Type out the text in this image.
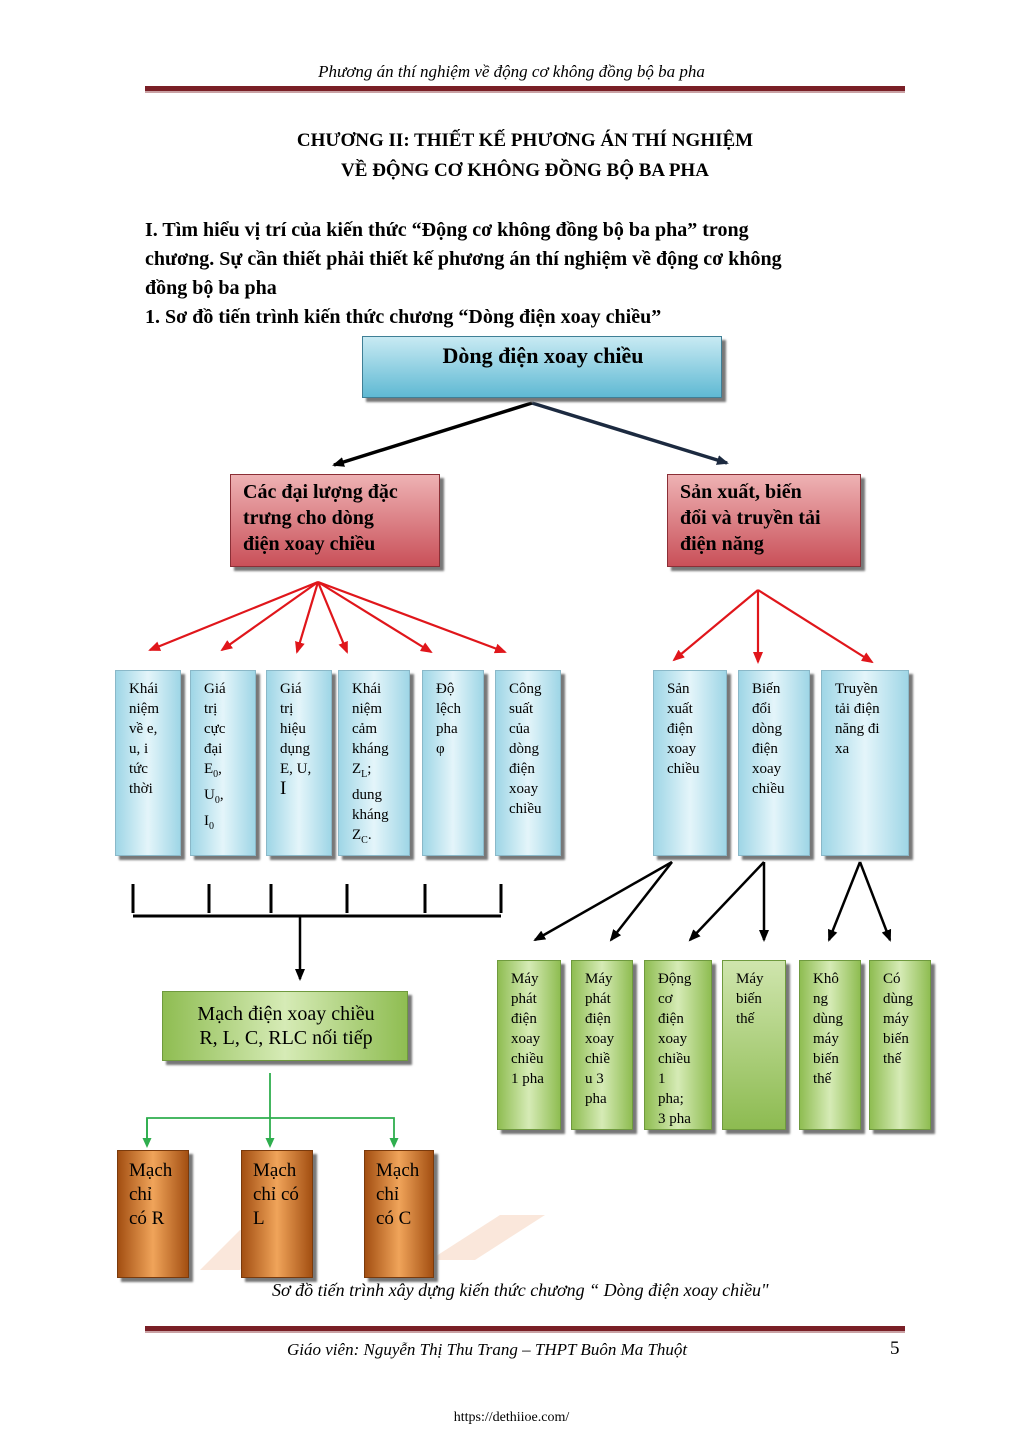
Phương án thí nghiệm về động cơ không đồng bộ ba pha
CHƯƠNG II: THIẾT KẾ PHƯƠNG ÁN THÍ NGHIỆM
VỀ ĐỘNG CƠ KHÔNG ĐỒNG BỘ BA PHA
I. Tìm hiểu vị trí của kiến thức “Động cơ không đồng bộ ba pha” trong
chương. Sự cần thiết phải thiết kế phương án thí nghiệm về động cơ không
đồng bộ ba pha
1. Sơ đồ tiến trình kiến thức chương “Dòng điện xoay chiều”
Dòng điện xoay chiều
Các đại lượng đặc
trưng cho dòng
điện xoay chiều
Sản xuất, biến
đổi và truyền tải
điện năng
Khái
niệm
về e,
u, i
tức
thời
Giá
trị
cực
đại
$E_0$,
$U_0$,
$I_0$
Giá
trị
hiệu
dụng
E, U,
I
Khái
niệm
cảm
kháng
$Z_L$;
dung
kháng
$Z_C$.
Độ
lệch
pha
φ
Công
suất
của
dòng
điện
xoay
chiều
Sản
xuất
điện
xoay
chiều
Biến
đổi
dòng
điện
xoay
chiều
Truyền
tải điện
năng đi
xa
Máy
phát
điện
xoay
chiều
1 pha
Máy
phát
điện
xoay
chiề
u 3
pha
Động
cơ
điện
xoay
chiều
1
pha;
3 pha
Máy
biến
thế
Khô
ng
dùng
máy
biến
thế
Có
dùng
máy
biến
thế
Mạch điện xoay chiều
R, L, C, RLC nối tiếp
Mạch
chỉ
có R
Mạch
chỉ có
L
Mạch
chỉ
có C
Sơ đồ tiến trình xây dựng kiến thức chương “ Dòng điện xoay chiều"
Giáo viên: Nguyễn Thị Thu Trang – THPT Buôn Ma Thuột	5
https://dethiioe.com/
